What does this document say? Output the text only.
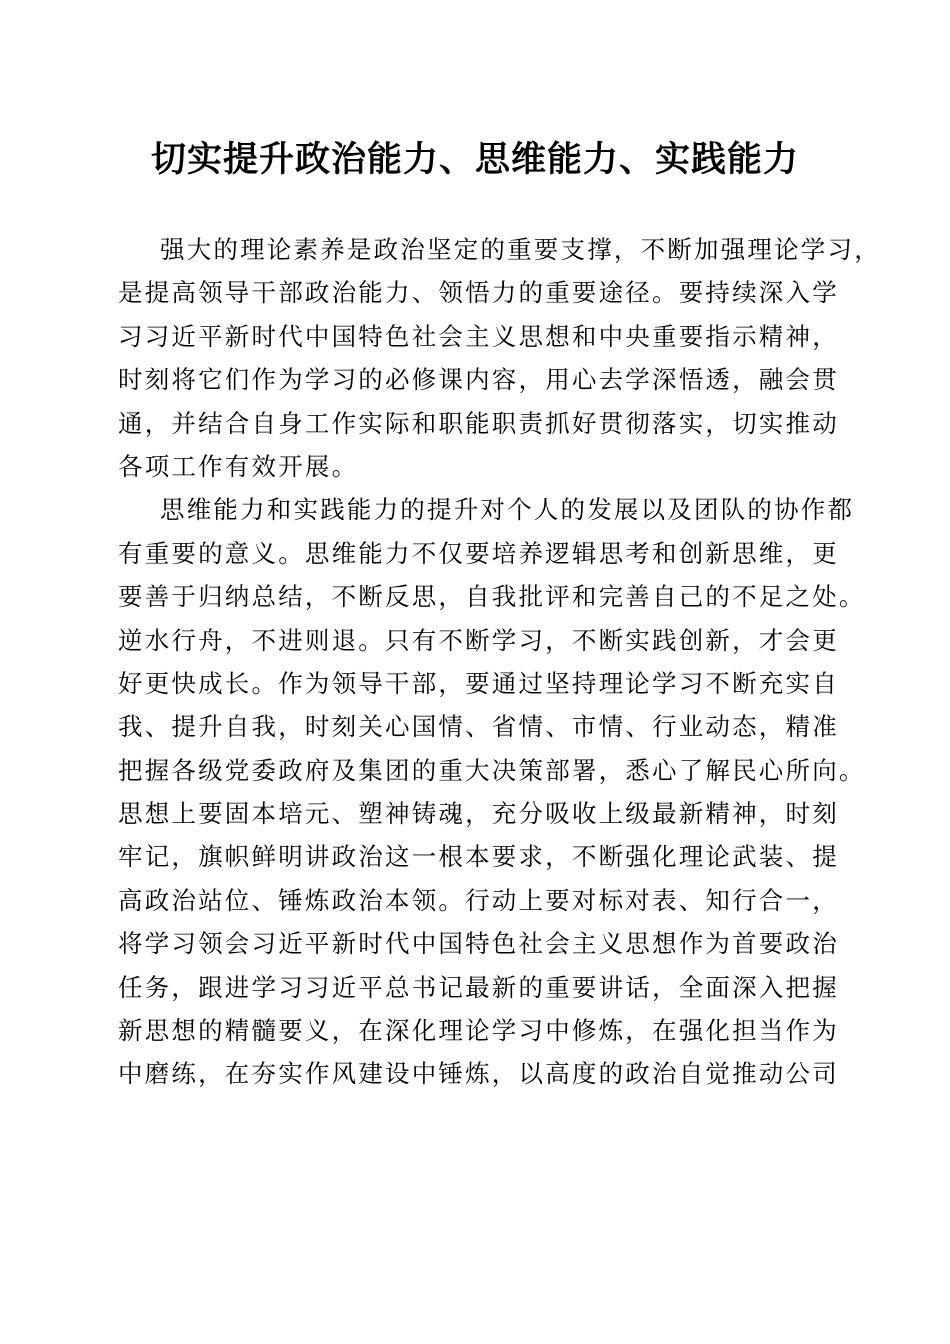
切实提升政治能力、思维能力、实践能力
强大的理论素养是政治坚定的重要支撑，不断加强理论学习，
是提高领导干部政治能力、领悟力的重要途径。要持续深入学
习习近平新时代中国特色社会主义思想和中央重要指示精神，
时刻将它们作为学习的必修课内容，用心去学深悟透，融会贯
通，并结合自身工作实际和职能职责抓好贯彻落实，切实推动
各项工作有效开展。
思维能力和实践能力的提升对个人的发展以及团队的协作都
有重要的意义。思维能力不仅要培养逻辑思考和创新思维，更
要善于归纳总结，不断反思，自我批评和完善自己的不足之处。
逆水行舟，不进则退。只有不断学习，不断实践创新，才会更
好更快成长。作为领导干部，要通过坚持理论学习不断充实自
我、提升自我，时刻关心国情、省情、市情、行业动态，精准
把握各级党委政府及集团的重大决策部署，悉心了解民心所向。
思想上要固本培元、塑神铸魂，充分吸收上级最新精神，时刻
牢记，旗帜鲜明讲政治这一根本要求，不断强化理论武装、提
高政治站位、锤炼政治本领。行动上要对标对表、知行合一，
将学习领会习近平新时代中国特色社会主义思想作为首要政治
任务，跟进学习习近平总书记最新的重要讲话，全面深入把握
新思想的精髓要义，在深化理论学习中修炼，在强化担当作为
中磨练，在夯实作风建设中锤炼，以高度的政治自觉推动公司
